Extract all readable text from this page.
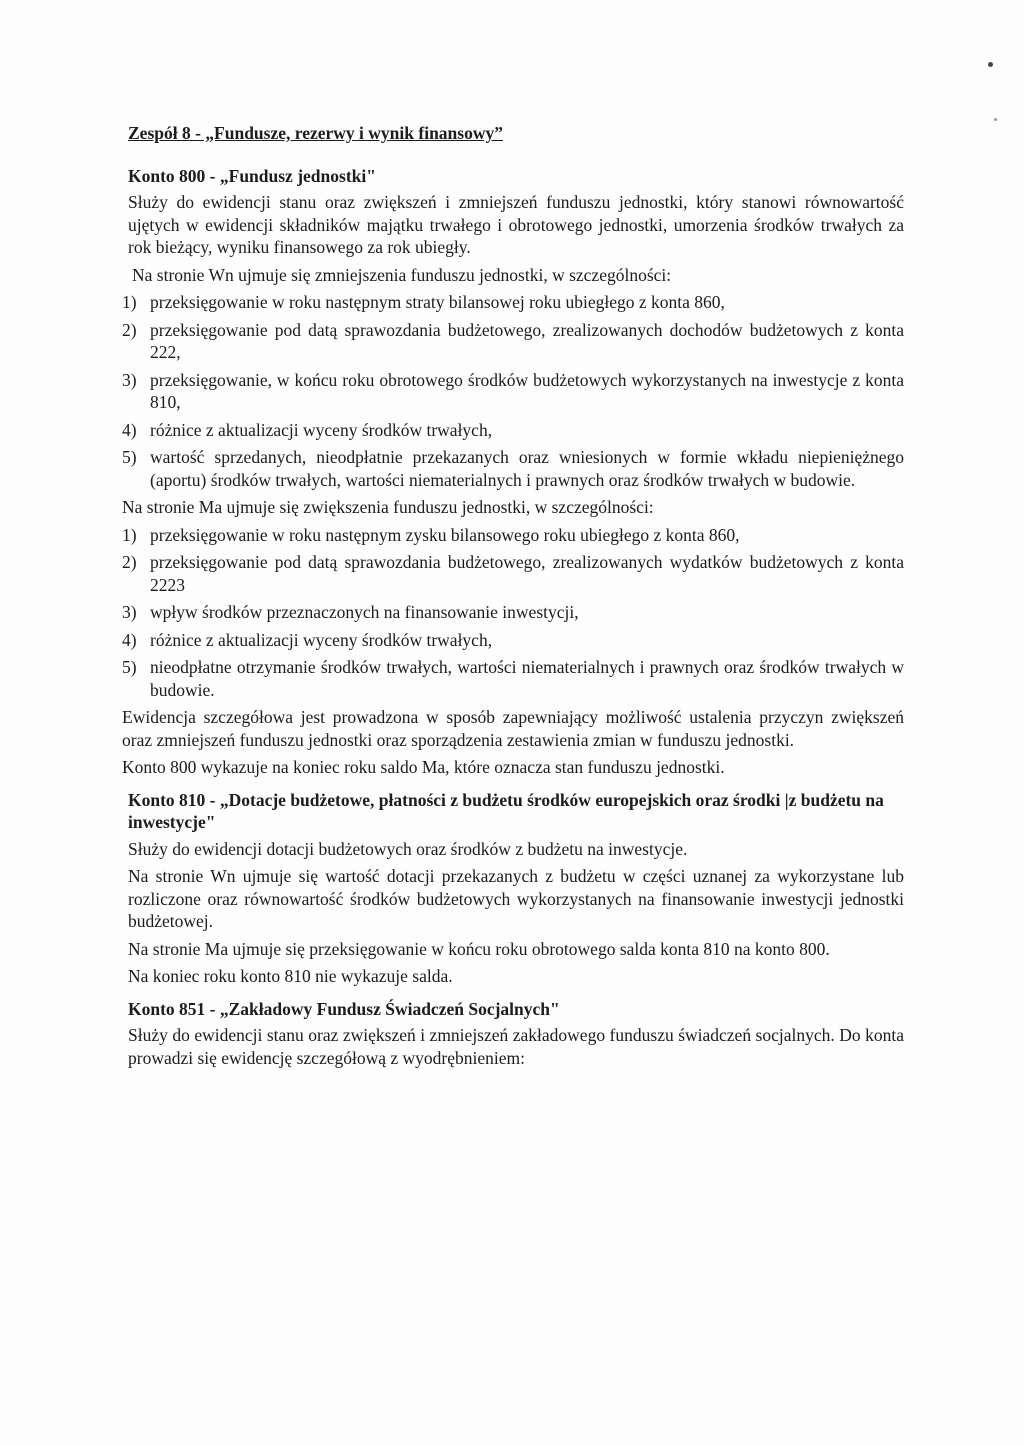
Zespół 8 - „Fundusze, rezerwy i wynik finansowy”

Konto 800 - „Fundusz jednostki"

Służy do ewidencji stanu oraz zwiększeń i zmniejszeń funduszu jednostki, który stanowi równowartość ujętych w ewidencji składników majątku trwałego i obrotowego jednostki, umorzenia środków trwałych za rok bieżący, wyniku finansowego za rok ubiegły.

Na stronie Wn ujmuje się zmniejszenia funduszu jednostki, w szczególności:

1) przeksięgowanie w roku następnym straty bilansowej roku ubiegłego z konta 860,
2) przeksięgowanie pod datą sprawozdania budżetowego, zrealizowanych dochodów budżetowych z konta 222,
3) przeksięgowanie, w końcu roku obrotowego środków budżetowych wykorzystanych na inwestycje z konta 810,
4) różnice z aktualizacji wyceny środków trwałych,
5) wartość sprzedanych, nieodpłatnie przekazanych oraz wniesionych w formie wkładu niepieniężnego (aportu) środków trwałych, wartości niematerialnych i prawnych oraz środków trwałych w budowie.

Na stronie Ma ujmuje się zwiększenia funduszu jednostki, w szczególności:

1) przeksięgowanie w roku następnym zysku bilansowego roku ubiegłego z konta 860,
2) przeksięgowanie pod datą sprawozdania budżetowego, zrealizowanych wydatków budżetowych z konta 2223
3) wpływ środków przeznaczonych na finansowanie inwestycji,
4) różnice z aktualizacji wyceny środków trwałych,
5) nieodpłatne otrzymanie środków trwałych, wartości niematerialnych i prawnych oraz środków trwałych w budowie.

Ewidencja szczegółowa jest prowadzona w sposób zapewniający możliwość ustalenia przyczyn zwiększeń oraz zmniejszeń funduszu jednostki oraz sporządzenia zestawienia zmian w funduszu jednostki.

Konto 800 wykazuje na koniec roku saldo Ma, które oznacza stan funduszu jednostki.

Konto 810 - „Dotacje budżetowe, płatności z budżetu środków europejskich oraz środki |z budżetu na inwestycje"

Służy do ewidencji dotacji budżetowych oraz środków z budżetu na inwestycje.

Na stronie Wn ujmuje się wartość dotacji przekazanych z budżetu w części uznanej za wykorzystane lub rozliczone oraz równowartość środków budżetowych wykorzystanych na finansowanie inwestycji jednostki budżetowej.

Na stronie Ma ujmuje się przeksięgowanie w końcu roku obrotowego salda konta 810 na konto 800.

Na koniec roku konto 810 nie wykazuje salda.

Konto 851 - „Zakładowy Fundusz Świadczeń Socjalnych"

Służy do ewidencji stanu oraz zwiększeń i zmniejszeń zakładowego funduszu świadczeń socjalnych. Do konta prowadzi się ewidencję szczegółową z wyodrębnieniem:
